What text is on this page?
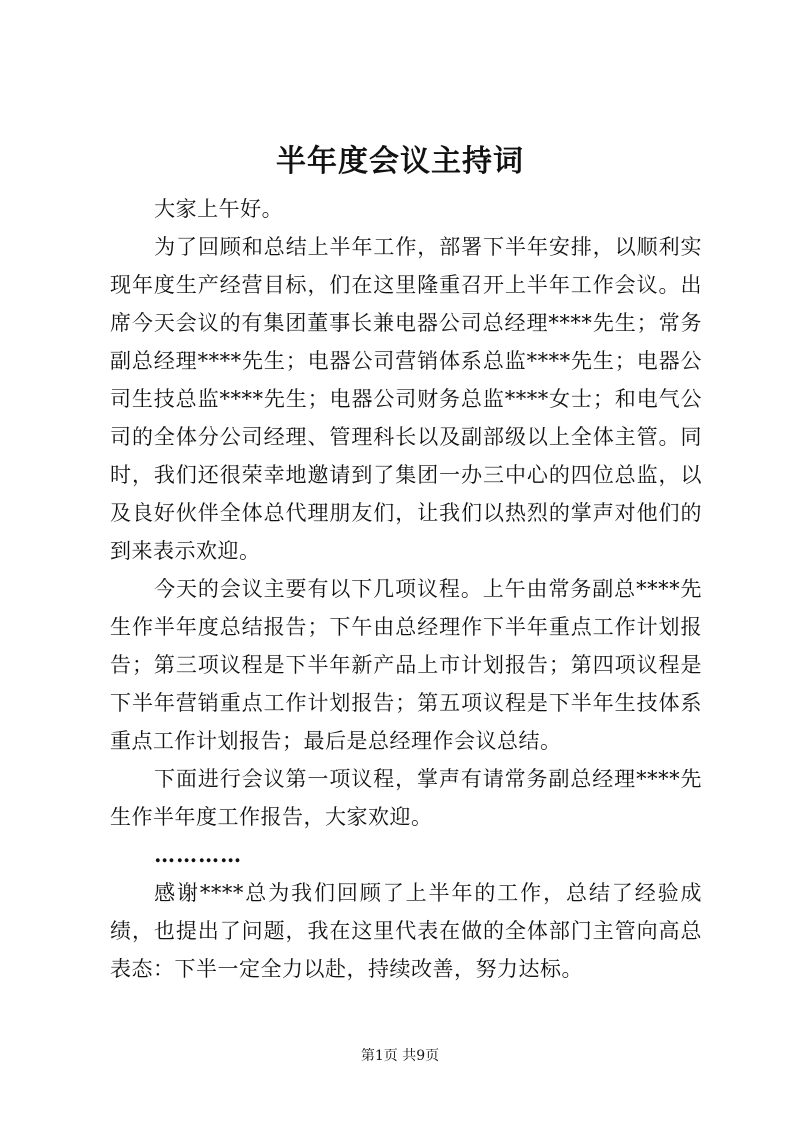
半年度会议主持词

大家上午好。

为了回顾和总结上半年工作，部署下半年安排，以顺利实现年度生产经营目标，们在这里隆重召开上半年工作会议。出席今天会议的有集团董事长兼电器公司总经理****先生；常务副总经理****先生；电器公司营销体系总监****先生；电器公司生技总监****先生；电器公司财务总监****女士；和电气公司的全体分公司经理、管理科长以及副部级以上全体主管。同时，我们还很荣幸地邀请到了集团一办三中心的四位总监，以及良好伙伴全体总代理朋友们，让我们以热烈的掌声对他们的到来表示欢迎。

今天的会议主要有以下几项议程。上午由常务副总****先生作半年度总结报告；下午由总经理作下半年重点工作计划报告；第三项议程是下半年新产品上市计划报告；第四项议程是下半年营销重点工作计划报告；第五项议程是下半年生技体系重点工作计划报告；最后是总经理作会议总结。

下面进行会议第一项议程，掌声有请常务副总经理****先生作半年度工作报告，大家欢迎。

…………

感谢****总为我们回顾了上半年的工作，总结了经验成绩，也提出了问题，我在这里代表在做的全体部门主管向高总表态：下半一定全力以赴，持续改善，努力达标。

第1页 共9页
